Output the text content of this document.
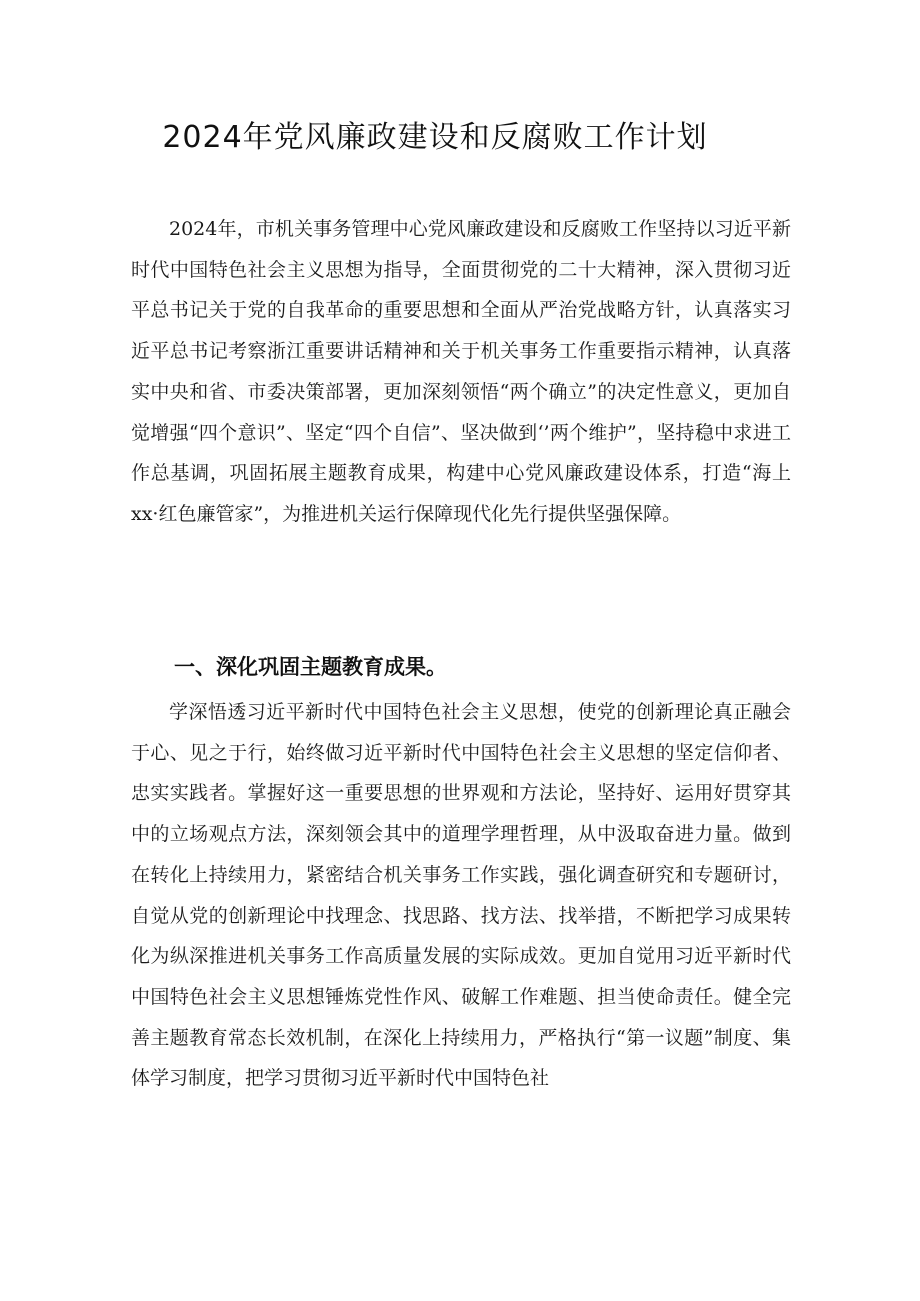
2024年党风廉政建设和反腐败工作计划

2024年，市机关事务管理中心党风廉政建设和反腐败工作坚持以习近平新时代中国特色社会主义思想为指导，全面贯彻党的二十大精神，深入贯彻习近平总书记关于党的自我革命的重要思想和全面从严治党战略方针，认真落实习近平总书记考察浙江重要讲话精神和关于机关事务工作重要指示精神，认真落实中央和省、市委决策部署，更加深刻领悟“两个确立”的决定性意义，更加自觉增强“四个意识”、坚定“四个自信”、坚决做到‘’两个维护”，坚持稳中求进工作总基调，巩固拓展主题教育成果，构建中心党风廉政建设体系，打造“海上xx·红色廉管家”，为推进机关运行保障现代化先行提供坚强保障。

一、深化巩固主题教育成果。

学深悟透习近平新时代中国特色社会主义思想，使党的创新理论真正融会于心、见之于行，始终做习近平新时代中国特色社会主义思想的坚定信仰者、忠实实践者。掌握好这一重要思想的世界观和方法论，坚持好、运用好贯穿其中的立场观点方法，深刻领会其中的道理学理哲理，从中汲取奋进力量。做到在转化上持续用力，紧密结合机关事务工作实践，强化调查研究和专题研讨，自觉从党的创新理论中找理念、找思路、找方法、找举措，不断把学习成果转化为纵深推进机关事务工作高质量发展的实际成效。更加自觉用习近平新时代中国特色社会主义思想锤炼党性作风、破解工作难题、担当使命责任。健全完善主题教育常态长效机制，在深化上持续用力，严格执行“第一议题”制度、集体学习制度，把学习贯彻习近平新时代中国特色社
